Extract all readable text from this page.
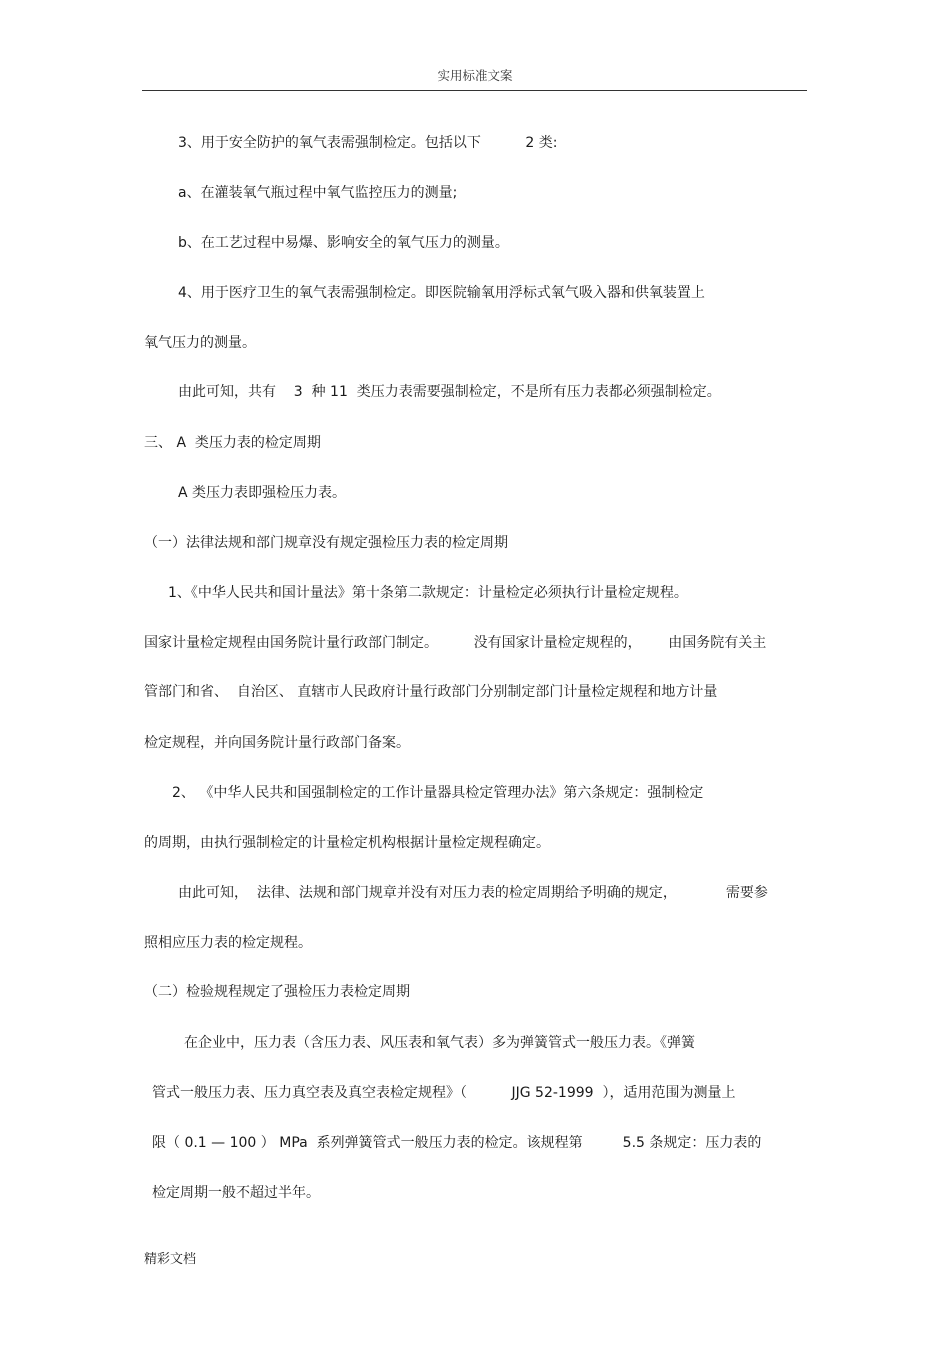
实用标准文案
3、用于安全防护的氧气表需强制检定。包括以下          2 类:
a、在灌装氧气瓶过程中氧气监控压力的测量;
b、在工艺过程中易爆、影响安全的氧气压力的测量。
4、用于医疗卫生的氧气表需强制检定。即医院输氧用浮标式氧气吸入器和供氧装置上
氧气压力的测量。
由此可知，共有    3  种 11  类压力表需要强制检定，不是所有压力表都必须强制检定。
三、 A  类压力表的检定周期
A 类压力表即强检压力表。
（一）法律法规和部门规章没有规定强检压力表的检定周期
1、《中华人民共和国计量法》第十条第二款规定：计量检定必须执行计量检定规程。
国家计量检定规程由国务院计量行政部门制定。        没有国家计量检定规程的，      由国务院有关主
管部门和省、  自治区、 直辖市人民政府计量行政部门分别制定部门计量检定规程和地方计量
检定规程，并向国务院计量行政部门备案。
2、 《中华人民共和国强制检定的工作计量器具检定管理办法》第六条规定：强制检定
的周期，由执行强制检定的计量检定机构根据计量检定规程确定。
由此可知，  法律、法规和部门规章并没有对压力表的检定周期给予明确的规定，           需要参
照相应压力表的检定规程。
（二）检验规程规定了强检压力表检定周期
在企业中，压力表（含压力表、风压表和氧气表）多为弹簧管式一般压力表。《弹簧
管式一般压力表、压力真空表及真空表检定规程》（          JJG 52-1999  ），适用范围为测量上
限（ 0.1 — 100 ） MPa  系列弹簧管式一般压力表的检定。该规程第         5.5 条规定：压力表的
检定周期一般不超过半年。
精彩文档
